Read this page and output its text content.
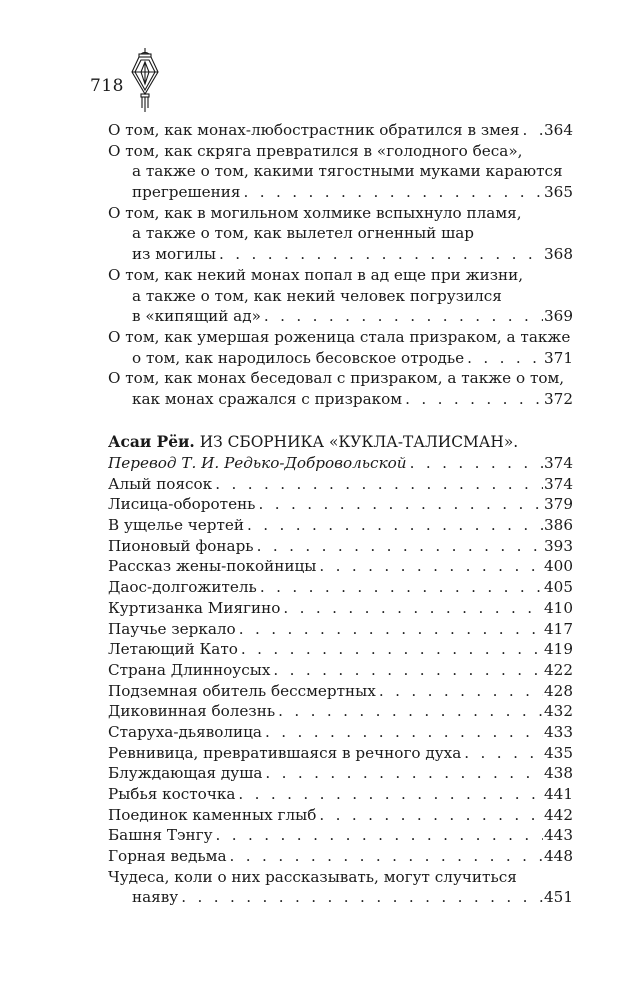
718
О том, как монах-любострастник обратился в змея . . . 364
О том, как скряга превратился в «голодного беса»,
а также о том, какими тягостными муками караются
прегрешения . . .	365
О том, как в могильном холмике вспыхнуло пламя,
а также о том, как вылетел огненный шар
из могилы . . .	368
О том, как некий монах попал в ад еще при жизни,
а также о том, как некий человек погрузился
в «кипящий ад» . . .	369
О том, как умершая роженица стала призраком, а также
о том, как народилось бесовское отродье . . .	371
О том, как монах беседовал с призраком, а также о том,
как монах сражался с призраком . . .	372
Асаи Рёи. ИЗ СБОРНИКА «КУКЛА-ТАЛИСМАН».
Перевод Т. И. Редько-Добровольской . . .	374
Алый поясок . . .	374
Лисица-оборотень . . .	379
В ущелье чертей . . .	386
Пионовый фонарь . . .	393
Рассказ жены-покойницы . . .	400
Даос-долгожитель . . .	405
Куртизанка Миягино . . .	410
Паучье зеркало . . .	417
Летающий Като . . .	419
Страна Длинноусых . . .	422
Подземная обитель бессмертных . . .	428
Диковинная болезнь . . .	432
Старуха-дьяволица . . .	433
Ревнивица, превратившаяся в речного духа . . .	435
Блуждающая душа . . .	438
Рыбья косточка . . .	441
Поединок каменных глыб . . .	442
Башня Тэнгу . . .	443
Горная ведьма . . .	448
Чудеса, коли о них рассказывать, могут случиться
наяву . . .	451
